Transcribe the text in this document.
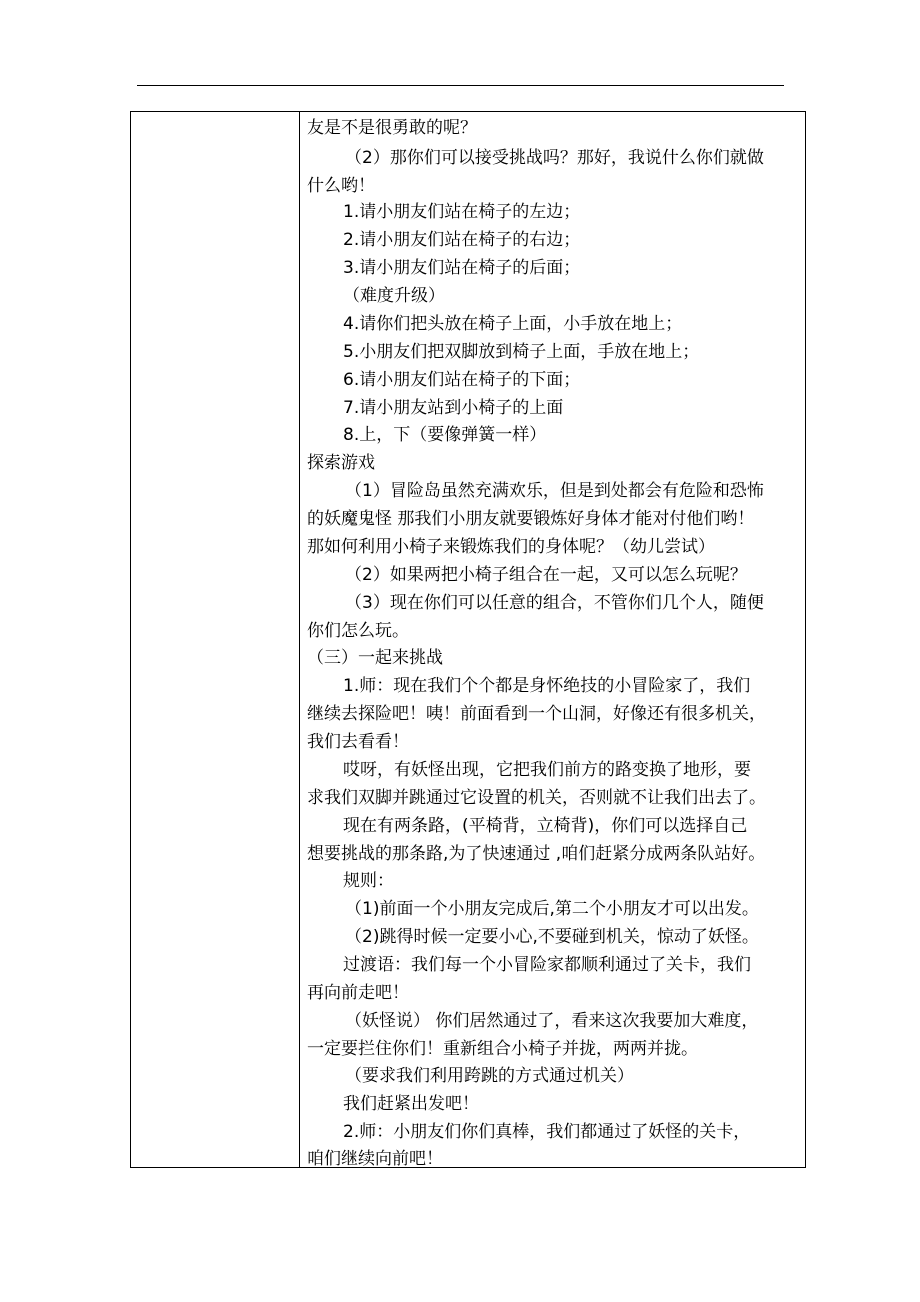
友是不是很勇敢的呢？
（2）那你们可以接受挑战吗？那好，我说什么你们就做
什么哟！
1.请小朋友们站在椅子的左边；
2.请小朋友们站在椅子的右边；
3.请小朋友们站在椅子的后面；
（难度升级）
4.请你们把头放在椅子上面，小手放在地上；
5.小朋友们把双脚放到椅子上面，手放在地上；
6.请小朋友们站在椅子的下面；
7.请小朋友站到小椅子的上面
8.上，下（要像弹簧一样）
探索游戏
（1）冒险岛虽然充满欢乐，但是到处都会有危险和恐怖
的妖魔鬼怪 那我们小朋友就要锻炼好身体才能对付他们哟！
那如何利用小椅子来锻炼我们的身体呢？（幼儿尝试）
（2）如果两把小椅子组合在一起，又可以怎么玩呢？
（3）现在你们可以任意的组合，不管你们几个人，随便
你们怎么玩。
（三）一起来挑战
1.师：现在我们个个都是身怀绝技的小冒险家了，我们
继续去探险吧！咦！前面看到一个山洞，好像还有很多机关，
我们去看看！
哎呀，有妖怪出现，它把我们前方的路变换了地形，要
求我们双脚并跳通过它设置的机关，否则就不让我们出去了。
现在有两条路，(平椅背，立椅背)，你们可以选择自己
想要挑战的那条路,为了快速通过 ,咱们赶紧分成两条队站好。
规则：
（1)前面一个小朋友完成后,第二个小朋友才可以出发。
（2)跳得时候一定要小心,不要碰到机关，惊动了妖怪。
过渡语：我们每一个小冒险家都顺利通过了关卡，我们
再向前走吧！
（妖怪说） 你们居然通过了，看来这次我要加大难度，
一定要拦住你们！重新组合小椅子并拢，两两并拢。
（要求我们利用跨跳的方式通过机关）
我们赶紧出发吧！
2.师：小朋友们你们真棒，我们都通过了妖怪的关卡，
咱们继续向前吧！
